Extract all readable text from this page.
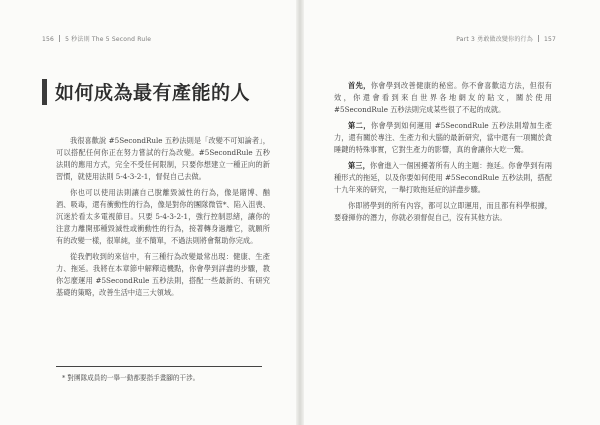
156 5 秒法則 The 5 Second Rule	Part 3 勇敢做改變你的行為 157
如何成為最有產能的人

我很喜歡說 #5SecondRule 五秒法則是「改變不可知論者」，可以搭配任何你正在努力嘗試的行為改變。#5SecondRule 五秒法則的應用方式，完全不受任何限制，只要你想建立一種正向的新習慣，就使用法則 5-4-3-2-1，督促自己去做。

你也可以使用法則讓自己脫離毀滅性的行為，像是賭博、酗酒、吸毒，還有衝動性的行為，像是對你的團隊微管*、陷入沮喪、沉迷於看太多電視節目。只要 5-4-3-2-1，強行控制思緒，讓你的注意力離開那種毀滅性或衝動性的行為，接著轉身過離它，就願所有的改變一樣，很單純，並不簡單，不過法則將會幫助你完成。

從我們收到的來信中，有三種行為改變最常出現：健康、生產力、拖延。我將在本章節中解釋這機點，你會學到詳盡的步驟，教你怎麼運用 #5SecondRule 五秒法則，搭配一些最新的、有研究基礎的策略，改善生活中這三大領域。

* 對團隊成員的一舉一動都要指手畫腳的干涉。

首先，你會學到改善健康的秘密。你不會喜歡這方法，但很有效，你還會看到來自世界各地網友的貼文，關於使用 #5SecondRule 五秒法則完成某些很了不起的成就。

第二，你會學到如何運用 #5SecondRule 五秒法則增加生產力，還有關於專注、生產力和大腦的最新研究，當中還有一項關於貪睡鍵的特殊事實，它對生產力的影響，真的會讓你大吃一驚。

第三，你會進入一個困擾著所有人的主題：拖延。你會學到有兩種形式的拖延，以及你要如何使用 #5SecondRule 五秒法則，搭配十九年來的研究，一舉打敗拖延症的詳盡步驟。

你即將學到的所有內容，都可以立即運用，而且都有科學根據，要發揮你的潛力，你就必須督促自己，沒有其他方法。
